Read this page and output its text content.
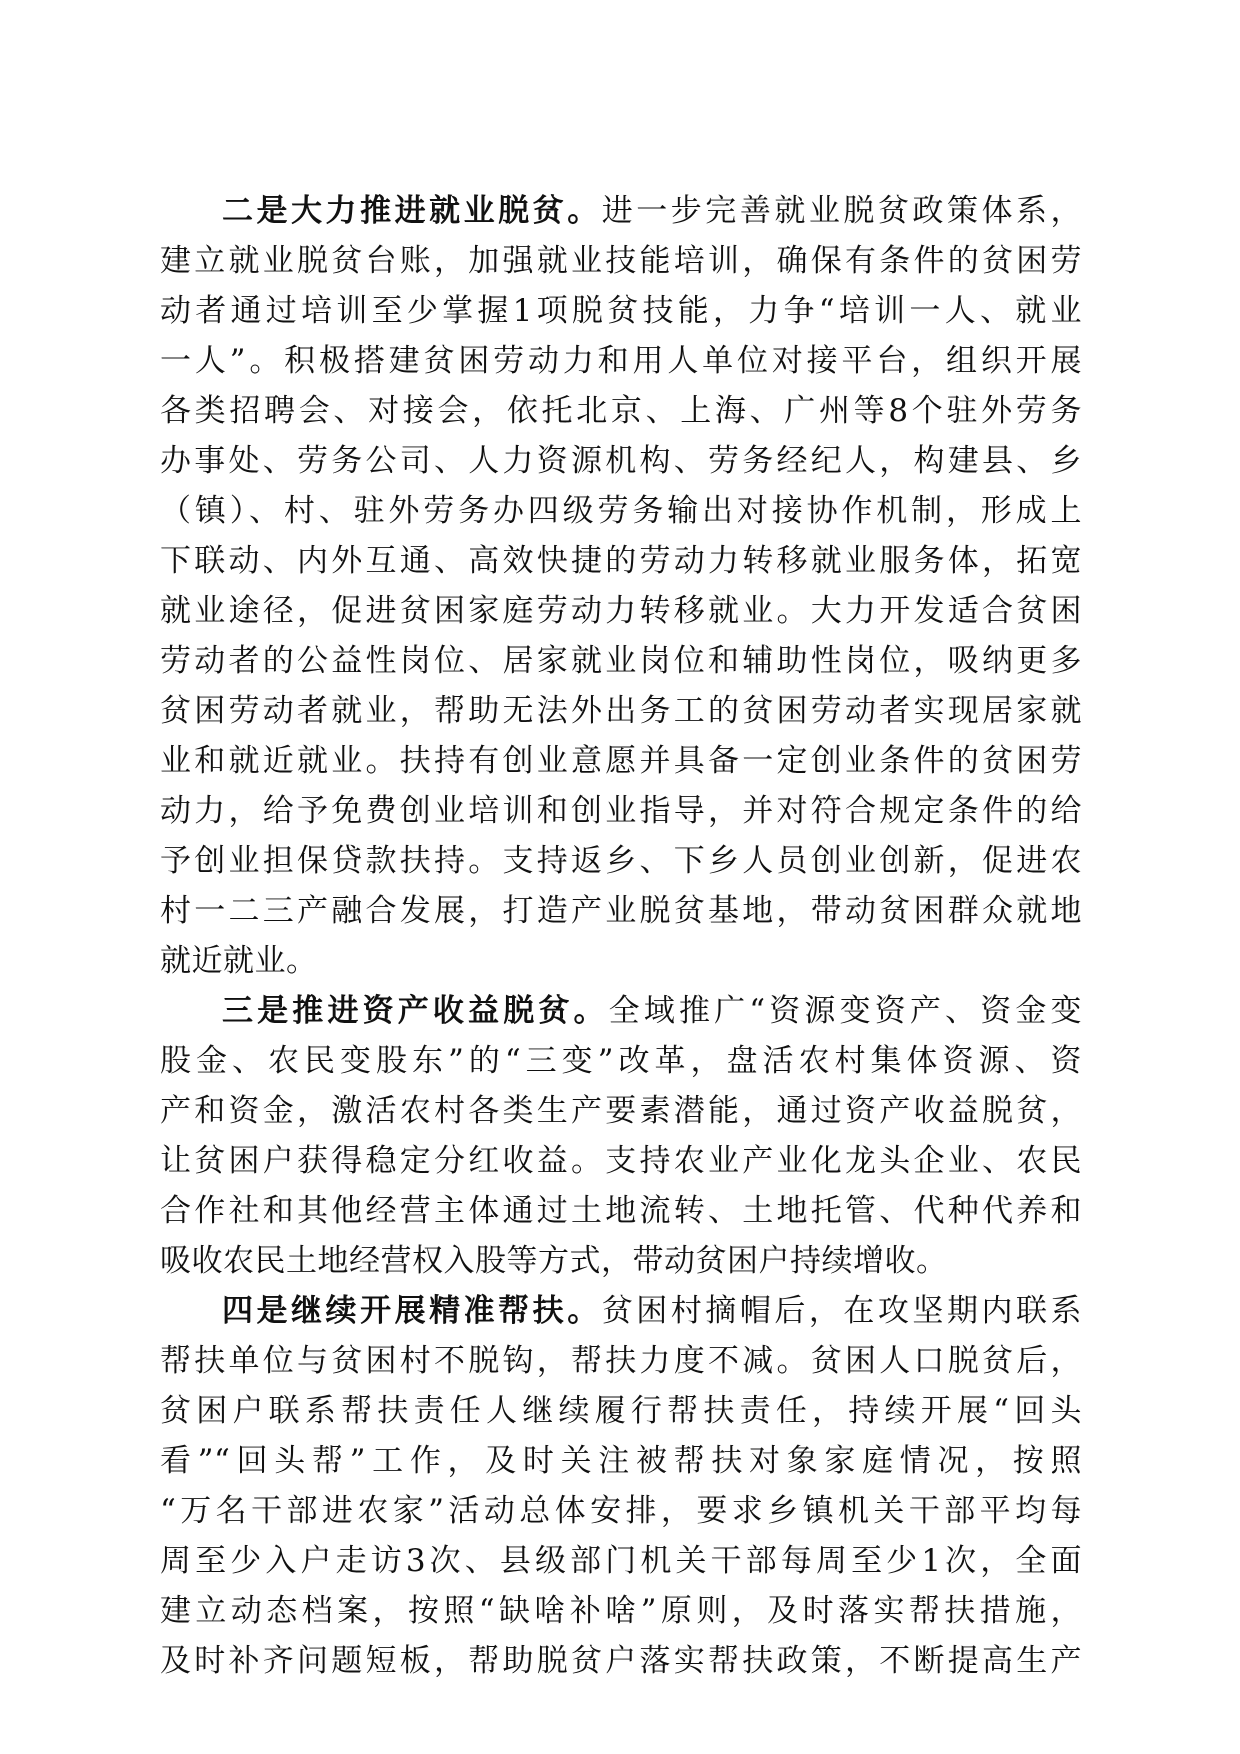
二是大力推进就业脱贫。进一步完善就业脱贫政策体系，
建立就业脱贫台账，加强就业技能培训，确保有条件的贫困劳
动者通过培训至少掌握1项脱贫技能，力争“培训一人、就业
一人”。积极搭建贫困劳动力和用人单位对接平台，组织开展
各类招聘会、对接会，依托北京、上海、广州等8个驻外劳务
办事处、劳务公司、人力资源机构、劳务经纪人，构建县、乡
（镇）、村、驻外劳务办四级劳务输出对接协作机制，形成上
下联动、内外互通、高效快捷的劳动力转移就业服务体，拓宽
就业途径，促进贫困家庭劳动力转移就业。大力开发适合贫困
劳动者的公益性岗位、居家就业岗位和辅助性岗位，吸纳更多
贫困劳动者就业，帮助无法外出务工的贫困劳动者实现居家就
业和就近就业。扶持有创业意愿并具备一定创业条件的贫困劳
动力，给予免费创业培训和创业指导，并对符合规定条件的给
予创业担保贷款扶持。支持返乡、下乡人员创业创新，促进农
村一二三产融合发展，打造产业脱贫基地，带动贫困群众就地
就近就业。
三是推进资产收益脱贫。全域推广“资源变资产、资金变
股金、农民变股东”的“三变”改革，盘活农村集体资源、资
产和资金，激活农村各类生产要素潜能，通过资产收益脱贫，
让贫困户获得稳定分红收益。支持农业产业化龙头企业、农民
合作社和其他经营主体通过土地流转、土地托管、代种代养和
吸收农民土地经营权入股等方式，带动贫困户持续增收。
四是继续开展精准帮扶。贫困村摘帽后，在攻坚期内联系
帮扶单位与贫困村不脱钩，帮扶力度不减。贫困人口脱贫后，
贫困户联系帮扶责任人继续履行帮扶责任，持续开展“回头
看”“回头帮”工作，及时关注被帮扶对象家庭情况，按照
“万名干部进农家”活动总体安排，要求乡镇机关干部平均每
周至少入户走访3次、县级部门机关干部每周至少1次，全面
建立动态档案，按照“缺啥补啥”原则，及时落实帮扶措施，
及时补齐问题短板，帮助脱贫户落实帮扶政策，不断提高生产
